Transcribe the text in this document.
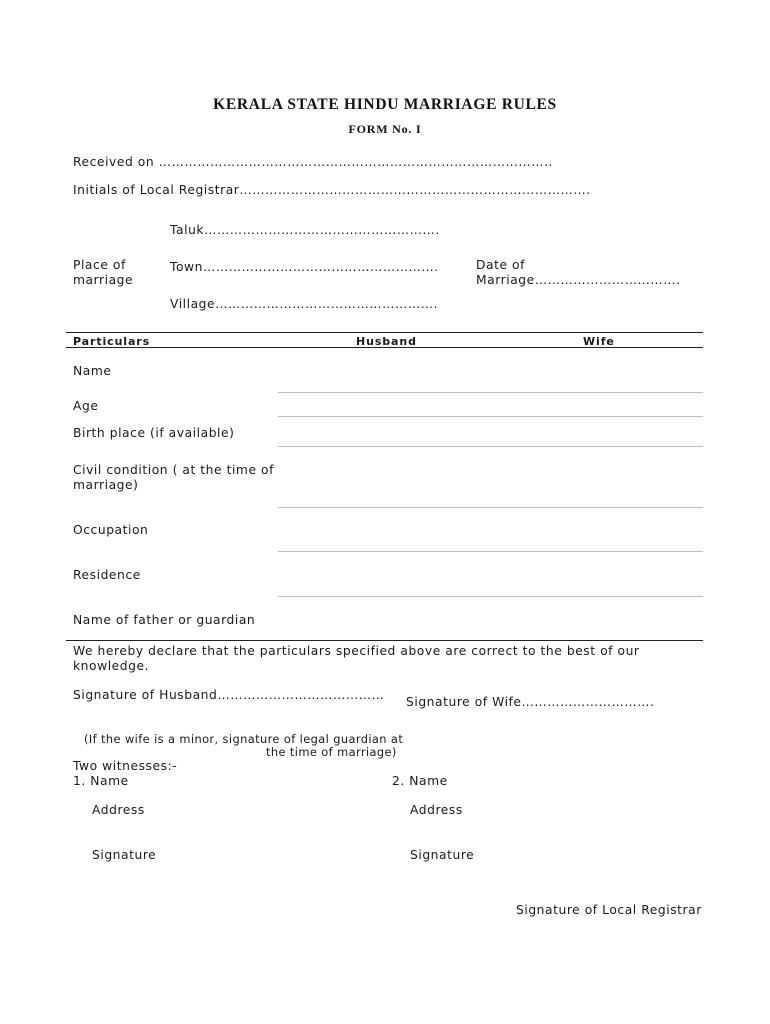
KERALA STATE HINDU MARRIAGE RULES
FORM No. I
Received on ………………………………………………………………………………..
Initials of Local Registrar……………………………………………………………………….
Taluk……………………………………………….
Place of
marriage
Town……………………………………………….	Date of
Marriage…………………………….
Village…………………………………………….
Particulars	Husband	Wife
Name
Age
Birth place (if available)
Civil condition ( at the time of
marriage)
Occupation
Residence
Name of father or guardian
We hereby declare that the particulars specified above are correct to the best of our
knowledge.
Signature of Husband………………………………… Signature of Wife………………………….
(If the wife is a minor, signature of legal guardian at
the time of marriage)
Two witnesses:-
1. Name	2. Name
Address	Address
Signature	Signature
Signature of Local Registrar
